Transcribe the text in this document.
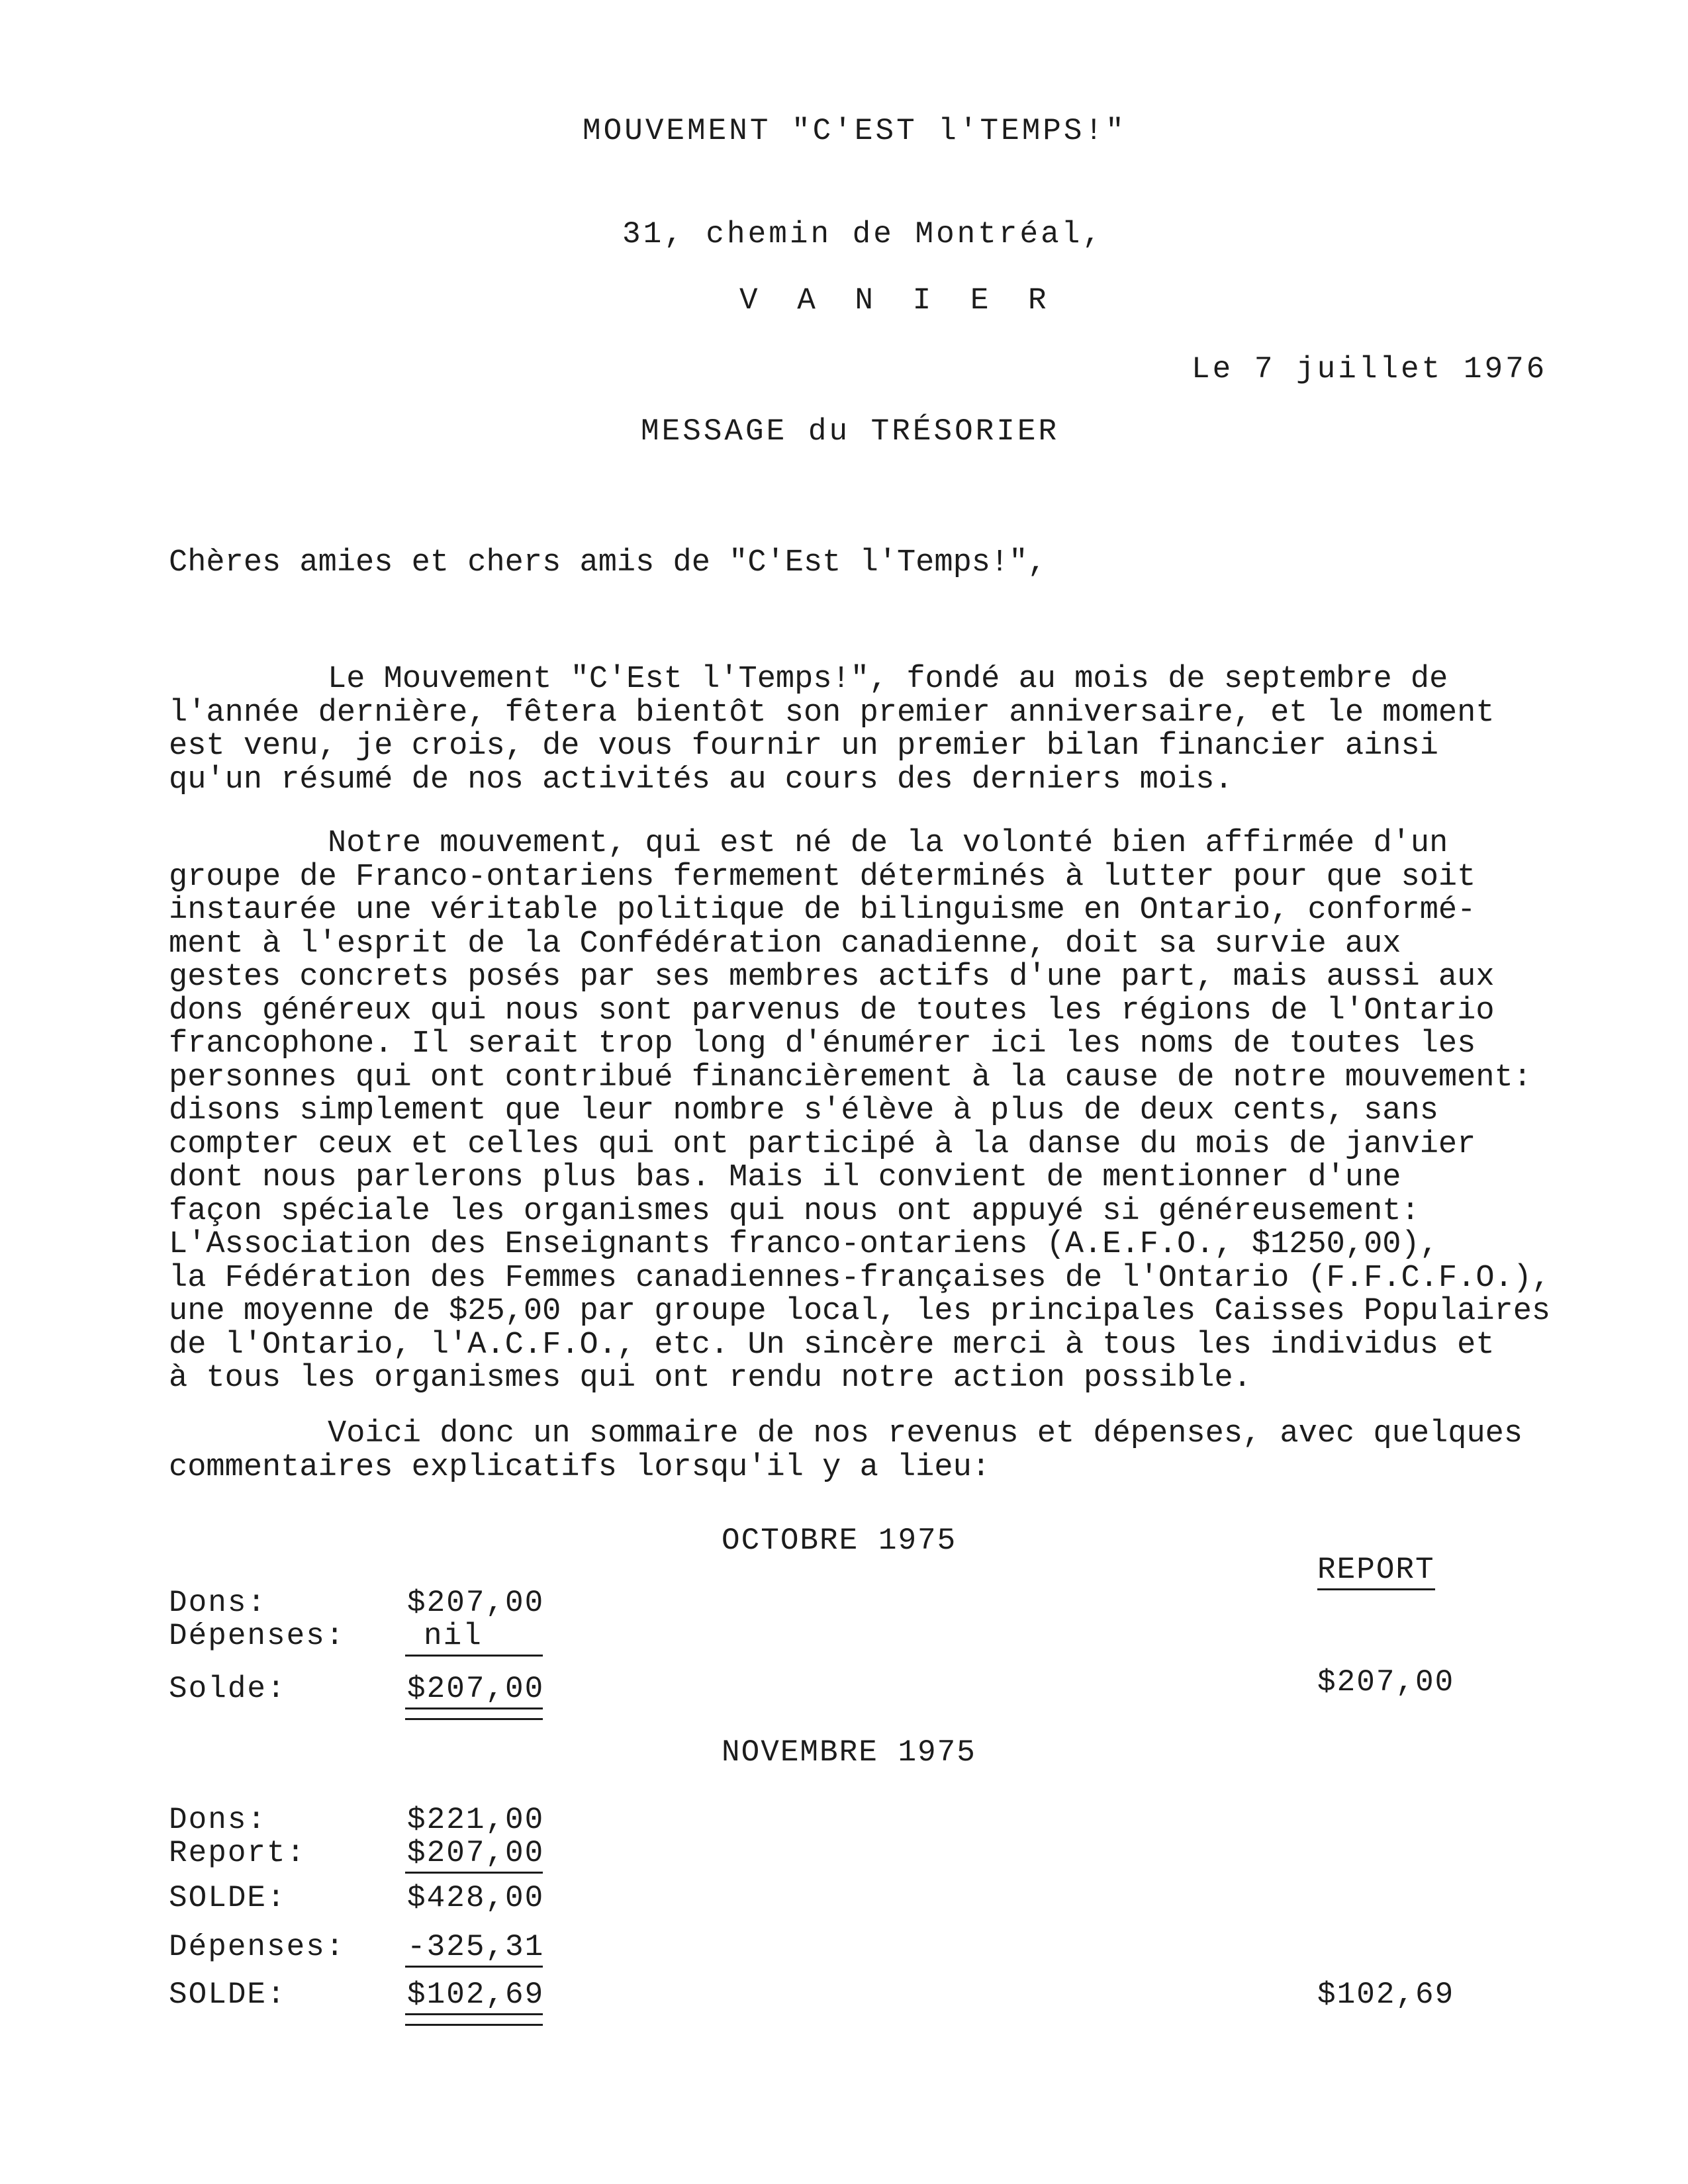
MOUVEMENT "C'EST l'TEMPS!"
31, chemin de Montréal,
V A N I E R
Le 7 juillet 1976
MESSAGE du TRÉSORIER
Chères amies et chers amis de "C'Est l'Temps!",
Le Mouvement "C'Est l'Temps!", fondé au mois de septembre de
l'année dernière, fêtera bientôt son premier anniversaire, et le moment
est venu, je crois, de vous fournir un premier bilan financier ainsi
qu'un résumé de nos activités au cours des derniers mois.
Notre mouvement, qui est né de la volonté bien affirmée d'un
groupe de Franco-ontariens fermement déterminés à lutter pour que soit
instaurée une véritable politique de bilinguisme en Ontario, conformé-
ment à l'esprit de la Confédération canadienne, doit sa survie aux
gestes concrets posés par ses membres actifs d'une part, mais aussi aux
dons généreux qui nous sont parvenus de toutes les régions de l'Ontario
francophone. Il serait trop long d'énumérer ici les noms de toutes les
personnes qui ont contribué financièrement à la cause de notre mouvement:
disons simplement que leur nombre s'élève à plus de deux cents, sans
compter ceux et celles qui ont participé à la danse du mois de janvier
dont nous parlerons plus bas. Mais il convient de mentionner d'une
façon spéciale les organismes qui nous ont appuyé si généreusement:
L'Association des Enseignants franco-ontariens (A.E.F.O., $1250,00),
la Fédération des Femmes canadiennes-françaises de l'Ontario (F.F.C.F.O.),
une moyenne de $25,00 par groupe local, les principales Caisses Populaires
de l'Ontario, l'A.C.F.O., etc. Un sincère merci à tous les individus et
à tous les organismes qui ont rendu notre action possible.
Voici donc un sommaire de nos revenus et dépenses, avec quelques
commentaires explicatifs lorsqu'il y a lieu:
OCTOBRE 1975
REPORT
Dons:	$207,00
Dépenses:	nil
Solde:	$207,00	$207,00
NOVEMBRE 1975
Dons:	$221,00
Report:	$207,00
SOLDE:	$428,00
Dépenses: -325,31
SOLDE:	$102,69	$102,69
